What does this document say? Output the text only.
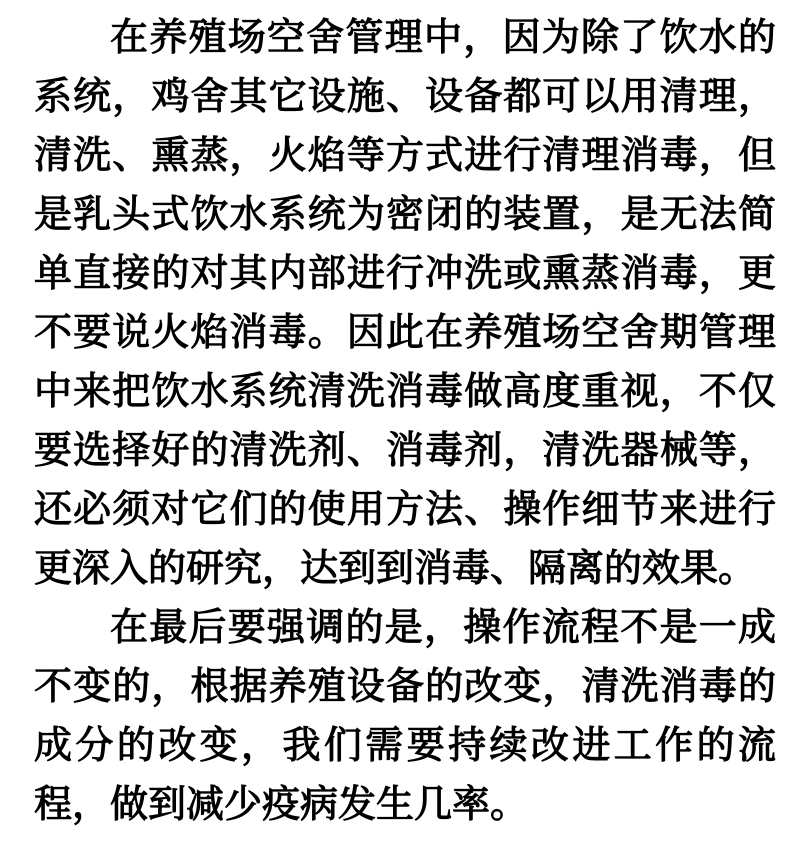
在养殖场空舍管理中，因为除了饮水的系统，鸡舍其它设施、设备都可以用清理，清洗、熏蒸，火焰等方式进行清理消毒，但是乳头式饮水系统为密闭的装置，是无法简单直接的对其内部进行冲洗或熏蒸消毒，更不要说火焰消毒。因此在养殖场空舍期管理中来把饮水系统清洗消毒做高度重视，不仅要选择好的清洗剂、消毒剂，清洗器械等，还必须对它们的使用方法、操作细节来进行更深入的研究，达到到消毒、隔离的效果。

在最后要强调的是，操作流程不是一成不变的，根据养殖设备的改变，清洗消毒的成分的改变，我们需要持续改进工作的流程，做到减少疫病发生几率。
